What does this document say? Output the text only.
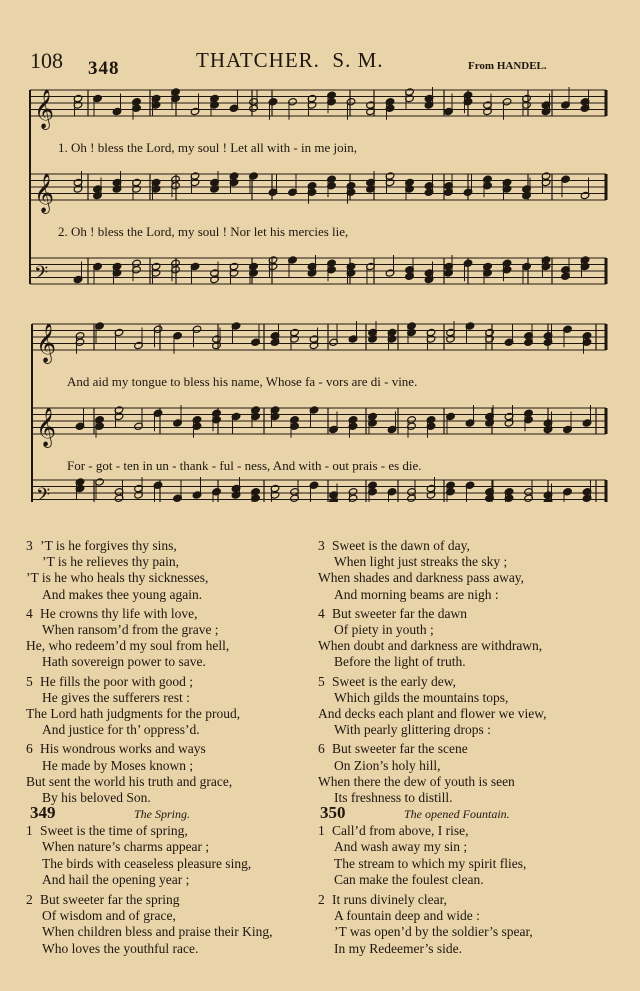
108 348	THATCHER. S. M.	From HANDEL.
𝄞
𝄞
𝄢
𝄞
𝄞
𝄢
1. Oh ! bless the Lord, my soul ! Let all with - in me join,
2. Oh ! bless the Lord, my soul ! Nor let his mercies lie,
And aid my tongue to bless his name, Whose fa - vors are di - vine.
For - got - ten in un - thank - ful - ness, And with - out prais - es die.
3 ’T is he forgives thy sins,
’T is he relieves thy pain,
’T is he who heals thy sicknesses,
And makes thee young again.
4 He crowns thy life with love,
When ransom’d from the grave ;
He, who redeem’d my soul from hell,
Hath sovereign power to save.
5 He fills the poor with good ;
He gives the sufferers rest :
The Lord hath judgments for the proud,
And justice for th’ oppress’d.
6 His wondrous works and ways
He made by Moses known ;
But sent the world his truth and grace,
By his beloved Son.
3 Sweet is the dawn of day,
When light just streaks the sky ;
When shades and darkness pass away,
And morning beams are nigh :
4 But sweeter far the dawn
Of piety in youth ;
When doubt and darkness are withdrawn,
Before the light of truth.
5 Sweet is the early dew,
Which gilds the mountains tops,
And decks each plant and flower we view,
With pearly glittering drops :
6 But sweeter far the scene
On Zion’s holy hill,
When there the dew of youth is seen
Its freshness to distill.
349	The Spring.
1 Sweet is the time of spring,
When nature’s charms appear ;
The birds with ceaseless pleasure sing,
And hail the opening year ;
2 But sweeter far the spring
Of wisdom and of grace,
When children bless and praise their King,
Who loves the youthful race.
350	The opened Fountain.
1 Call’d from above, I rise,
And wash away my sin ;
The stream to which my spirit flies,
Can make the foulest clean.
2 It runs divinely clear,
A fountain deep and wide :
’T was open’d by the soldier’s spear,
In my Redeemer’s side.
